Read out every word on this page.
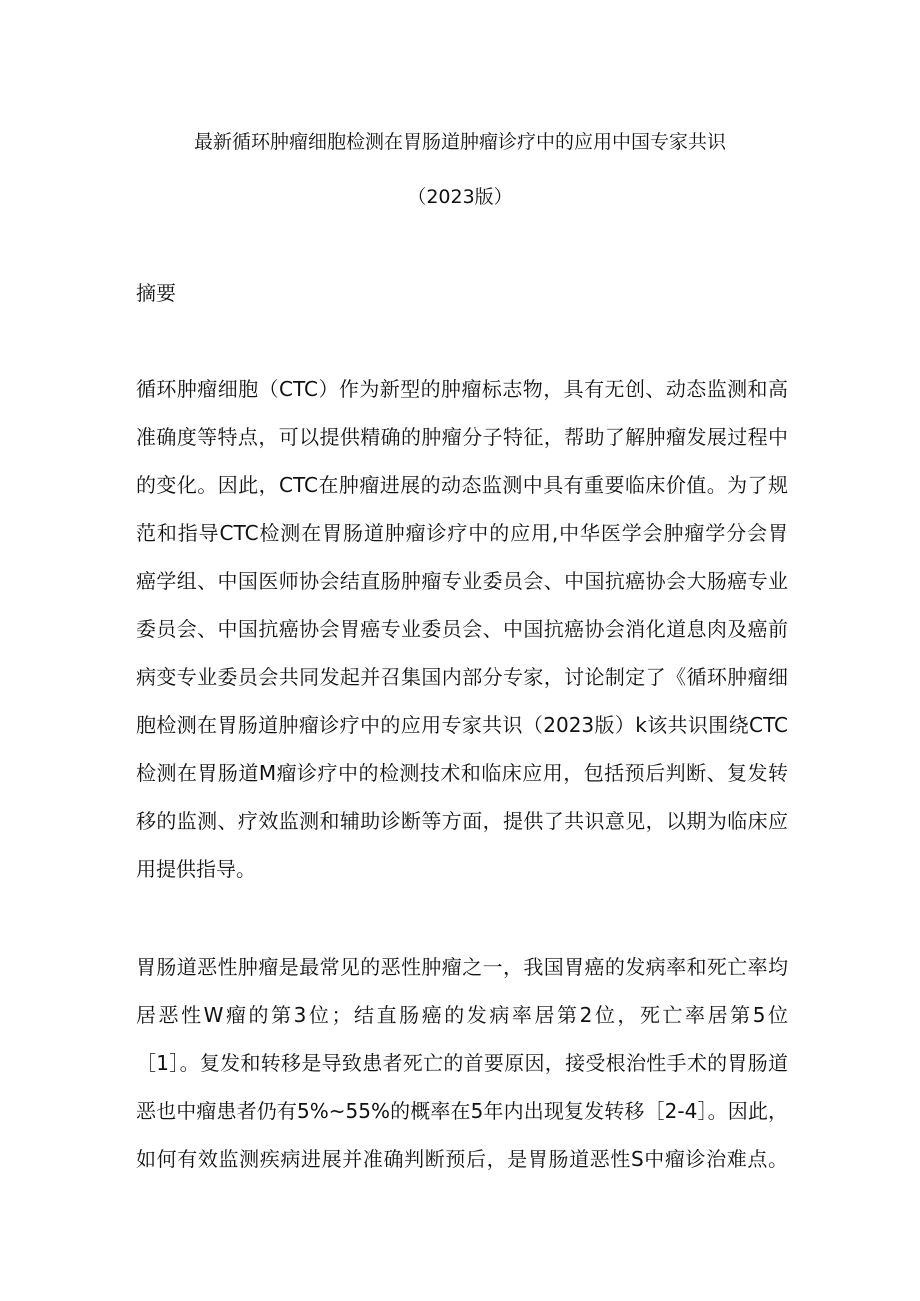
最新循环肿瘤细胞检测在胃肠道肿瘤诊疗中的应用中国专家共识
（2023版）
摘要

循环肿瘤细胞（CTC）作为新型的肿瘤标志物，具有无创、动态监测和高

准确度等特点，可以提供精确的肿瘤分子特征，帮助了解肿瘤发展过程中

的变化。因此，CTC在肿瘤进展的动态监测中具有重要临床价值。为了规

范和指导CTC检测在胃肠道肿瘤诊疗中的应用,中华医学会肿瘤学分会胃

癌学组、中国医师协会结直肠肿瘤专业委员会、中国抗癌协会大肠癌专业

委员会、中国抗癌协会胃癌专业委员会、中国抗癌协会消化道息肉及癌前

病变专业委员会共同发起并召集国内部分专家，讨论制定了《循环肿瘤细

胞检测在胃肠道肿瘤诊疗中的应用专家共识（2023版）k该共识围绕CTC

检测在胃肠道M瘤诊疗中的检测技术和临床应用，包括预后判断、复发转

移的监测、疗效监测和辅助诊断等方面，提供了共识意见，以期为临床应

用提供指导。

胃肠道恶性肿瘤是最常见的恶性肿瘤之一，我国胃癌的发病率和死亡率均

居恶性W瘤的第3位；结直肠癌的发病率居第2位，死亡率居第5位

［1］。复发和转移是导致患者死亡的首要原因，接受根治性手术的胃肠道

恶也中瘤患者仍有5%~55%的概率在5年内出现复发转移［2-4］。因此，

如何有效监测疾病进展并准确判断预后，是胃肠道恶性S中瘤诊治难点。
